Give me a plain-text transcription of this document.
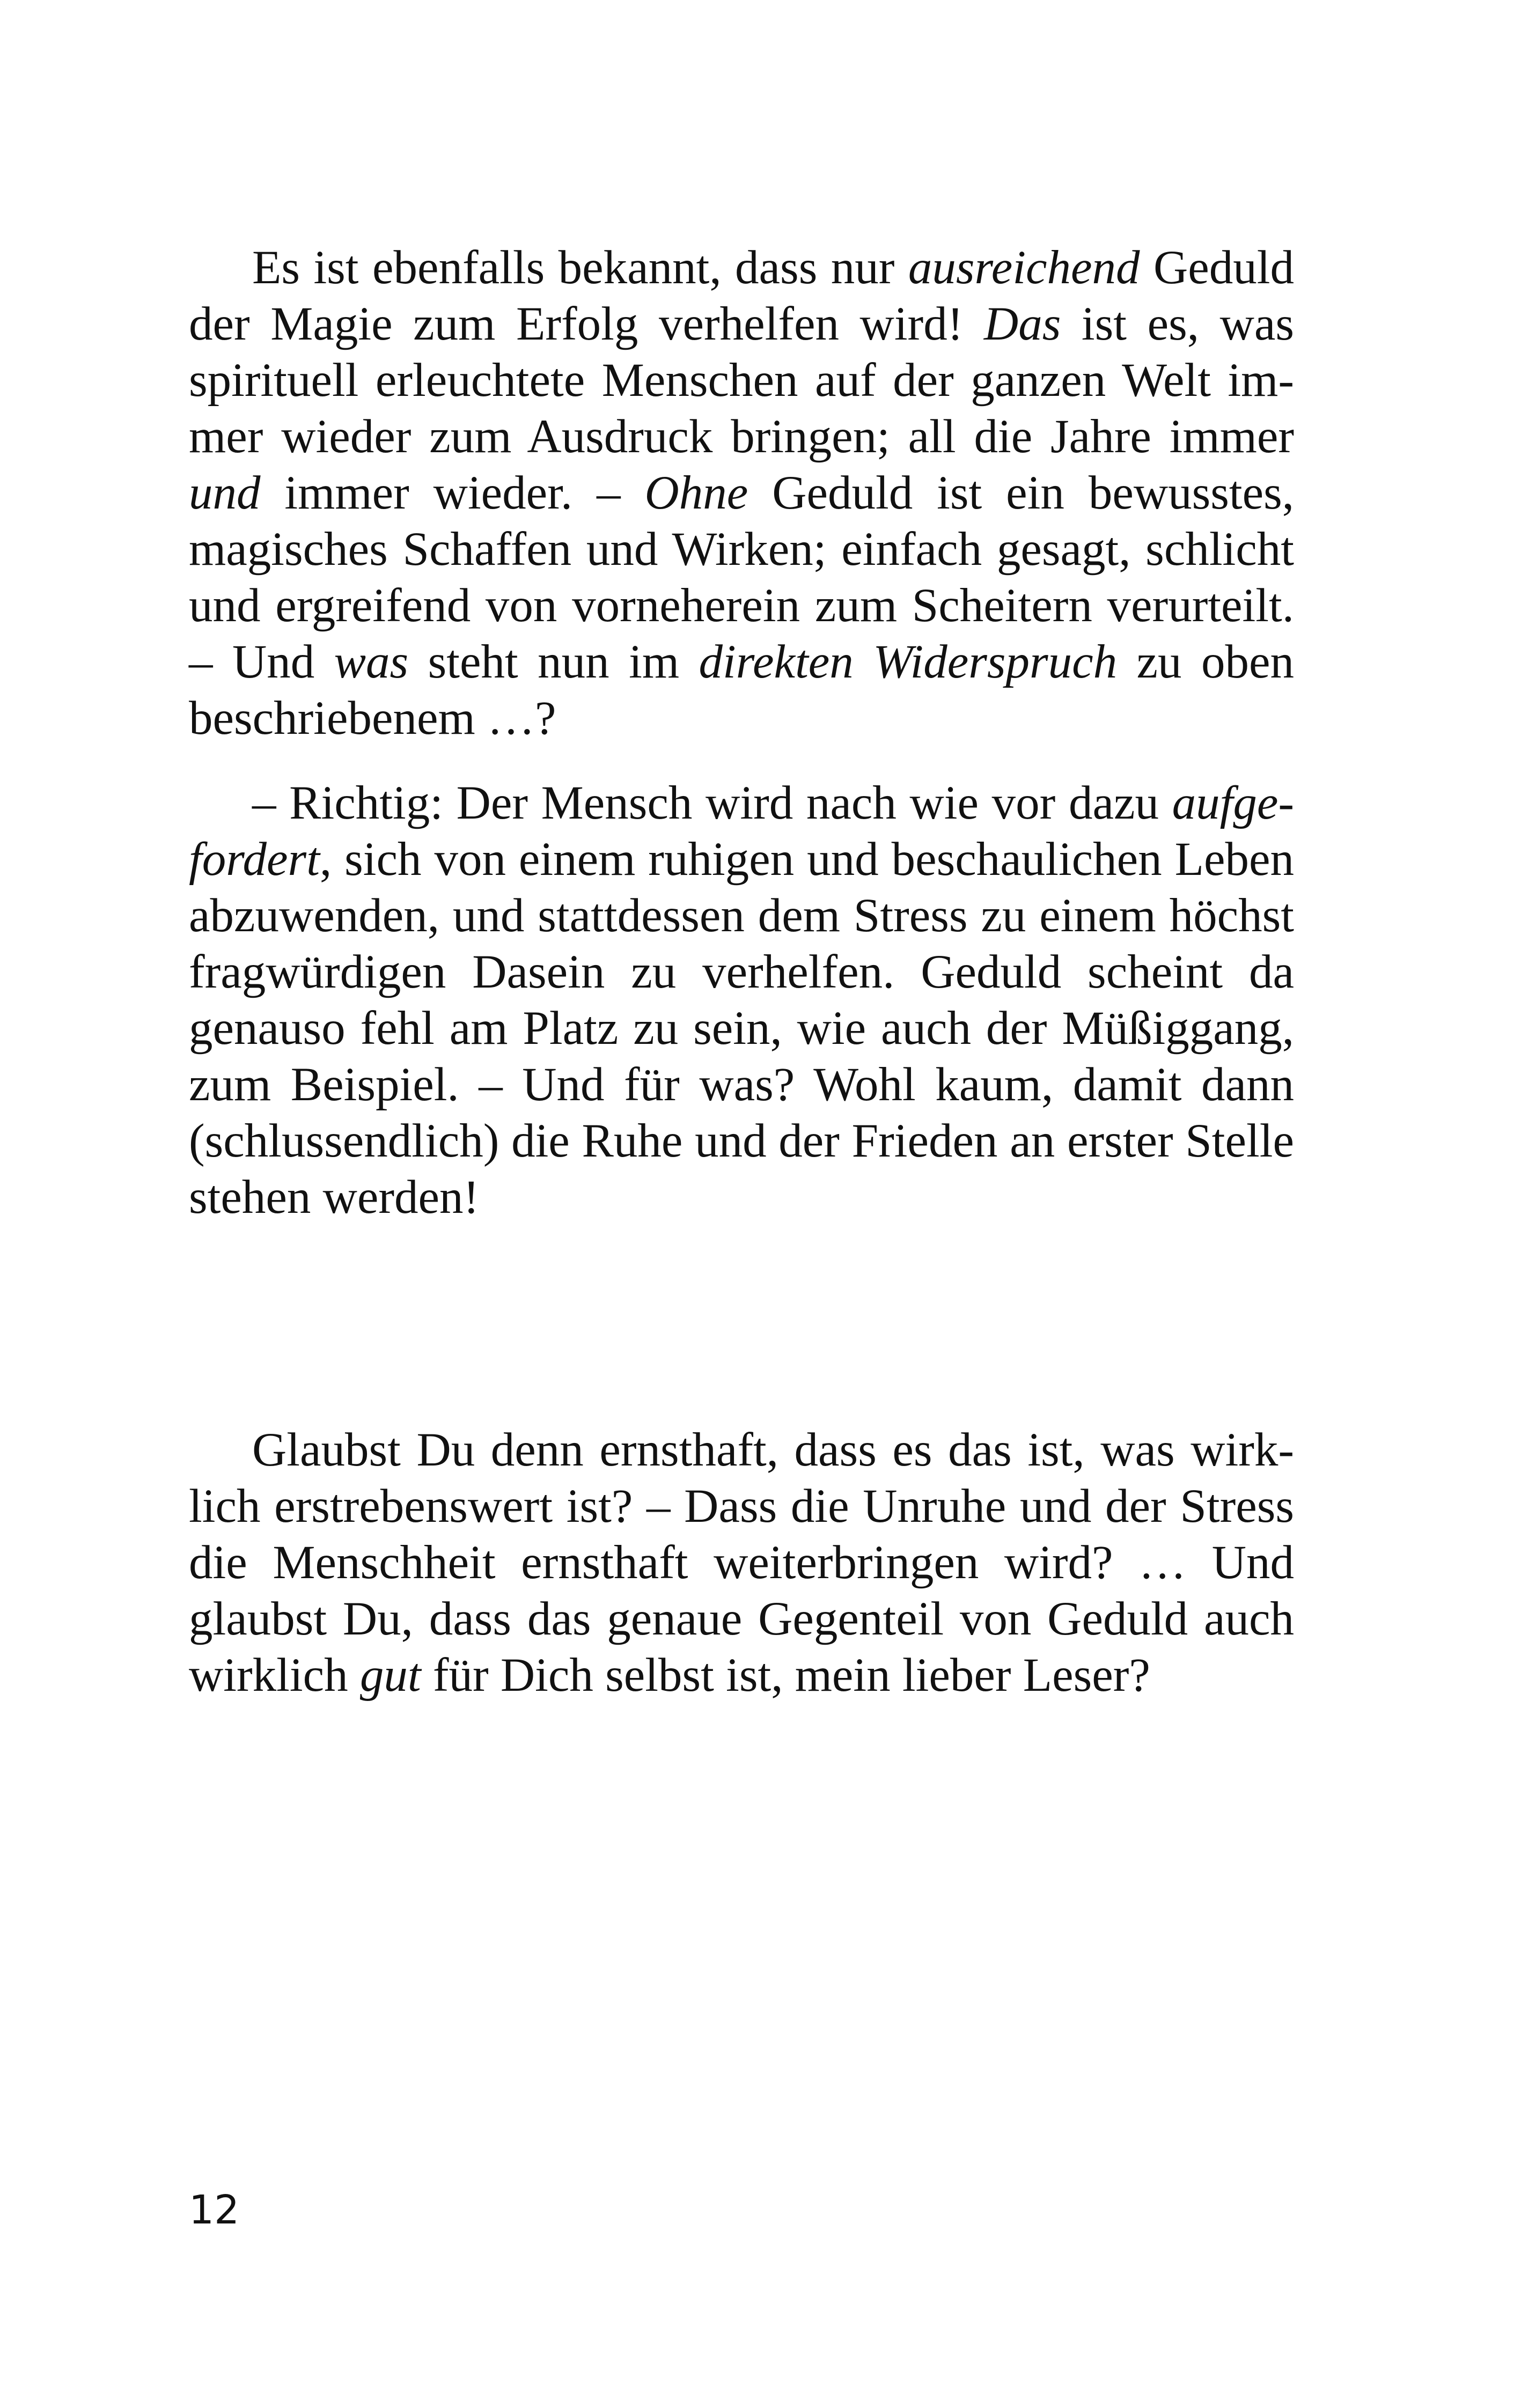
Es ist ebenfalls bekannt, dass nur ausreichend Geduld
der Magie zum Erfolg verhelfen wird! Das ist es, was
spirituell erleuchtete Menschen auf der ganzen Welt im-
mer wieder zum Ausdruck bringen; all die Jahre immer
und immer wieder. – Ohne Geduld ist ein bewusstes,
magisches Schaffen und Wirken; einfach gesagt, schlicht
und ergreifend von vorneherein zum Scheitern verurteilt.
– Und was steht nun im direkten Widerspruch zu oben
beschriebenem …?
– Richtig: Der Mensch wird nach wie vor dazu aufge-
fordert, sich von einem ruhigen und beschaulichen Leben
abzuwenden, und stattdessen dem Stress zu einem höchst
fragwürdigen Dasein zu verhelfen. Geduld scheint da
genauso fehl am Platz zu sein, wie auch der Müßiggang,
zum Beispiel. – Und für was? Wohl kaum, damit dann
(schlussendlich) die Ruhe und der Frieden an erster Stelle
stehen werden!
Glaubst Du denn ernsthaft, dass es das ist, was wirk-
lich erstrebenswert ist? – Dass die Unruhe und der Stress
die Menschheit ernsthaft weiterbringen wird? … Und
glaubst Du, dass das genaue Gegenteil von Geduld auch
wirklich gut für Dich selbst ist, mein lieber Leser?
12
